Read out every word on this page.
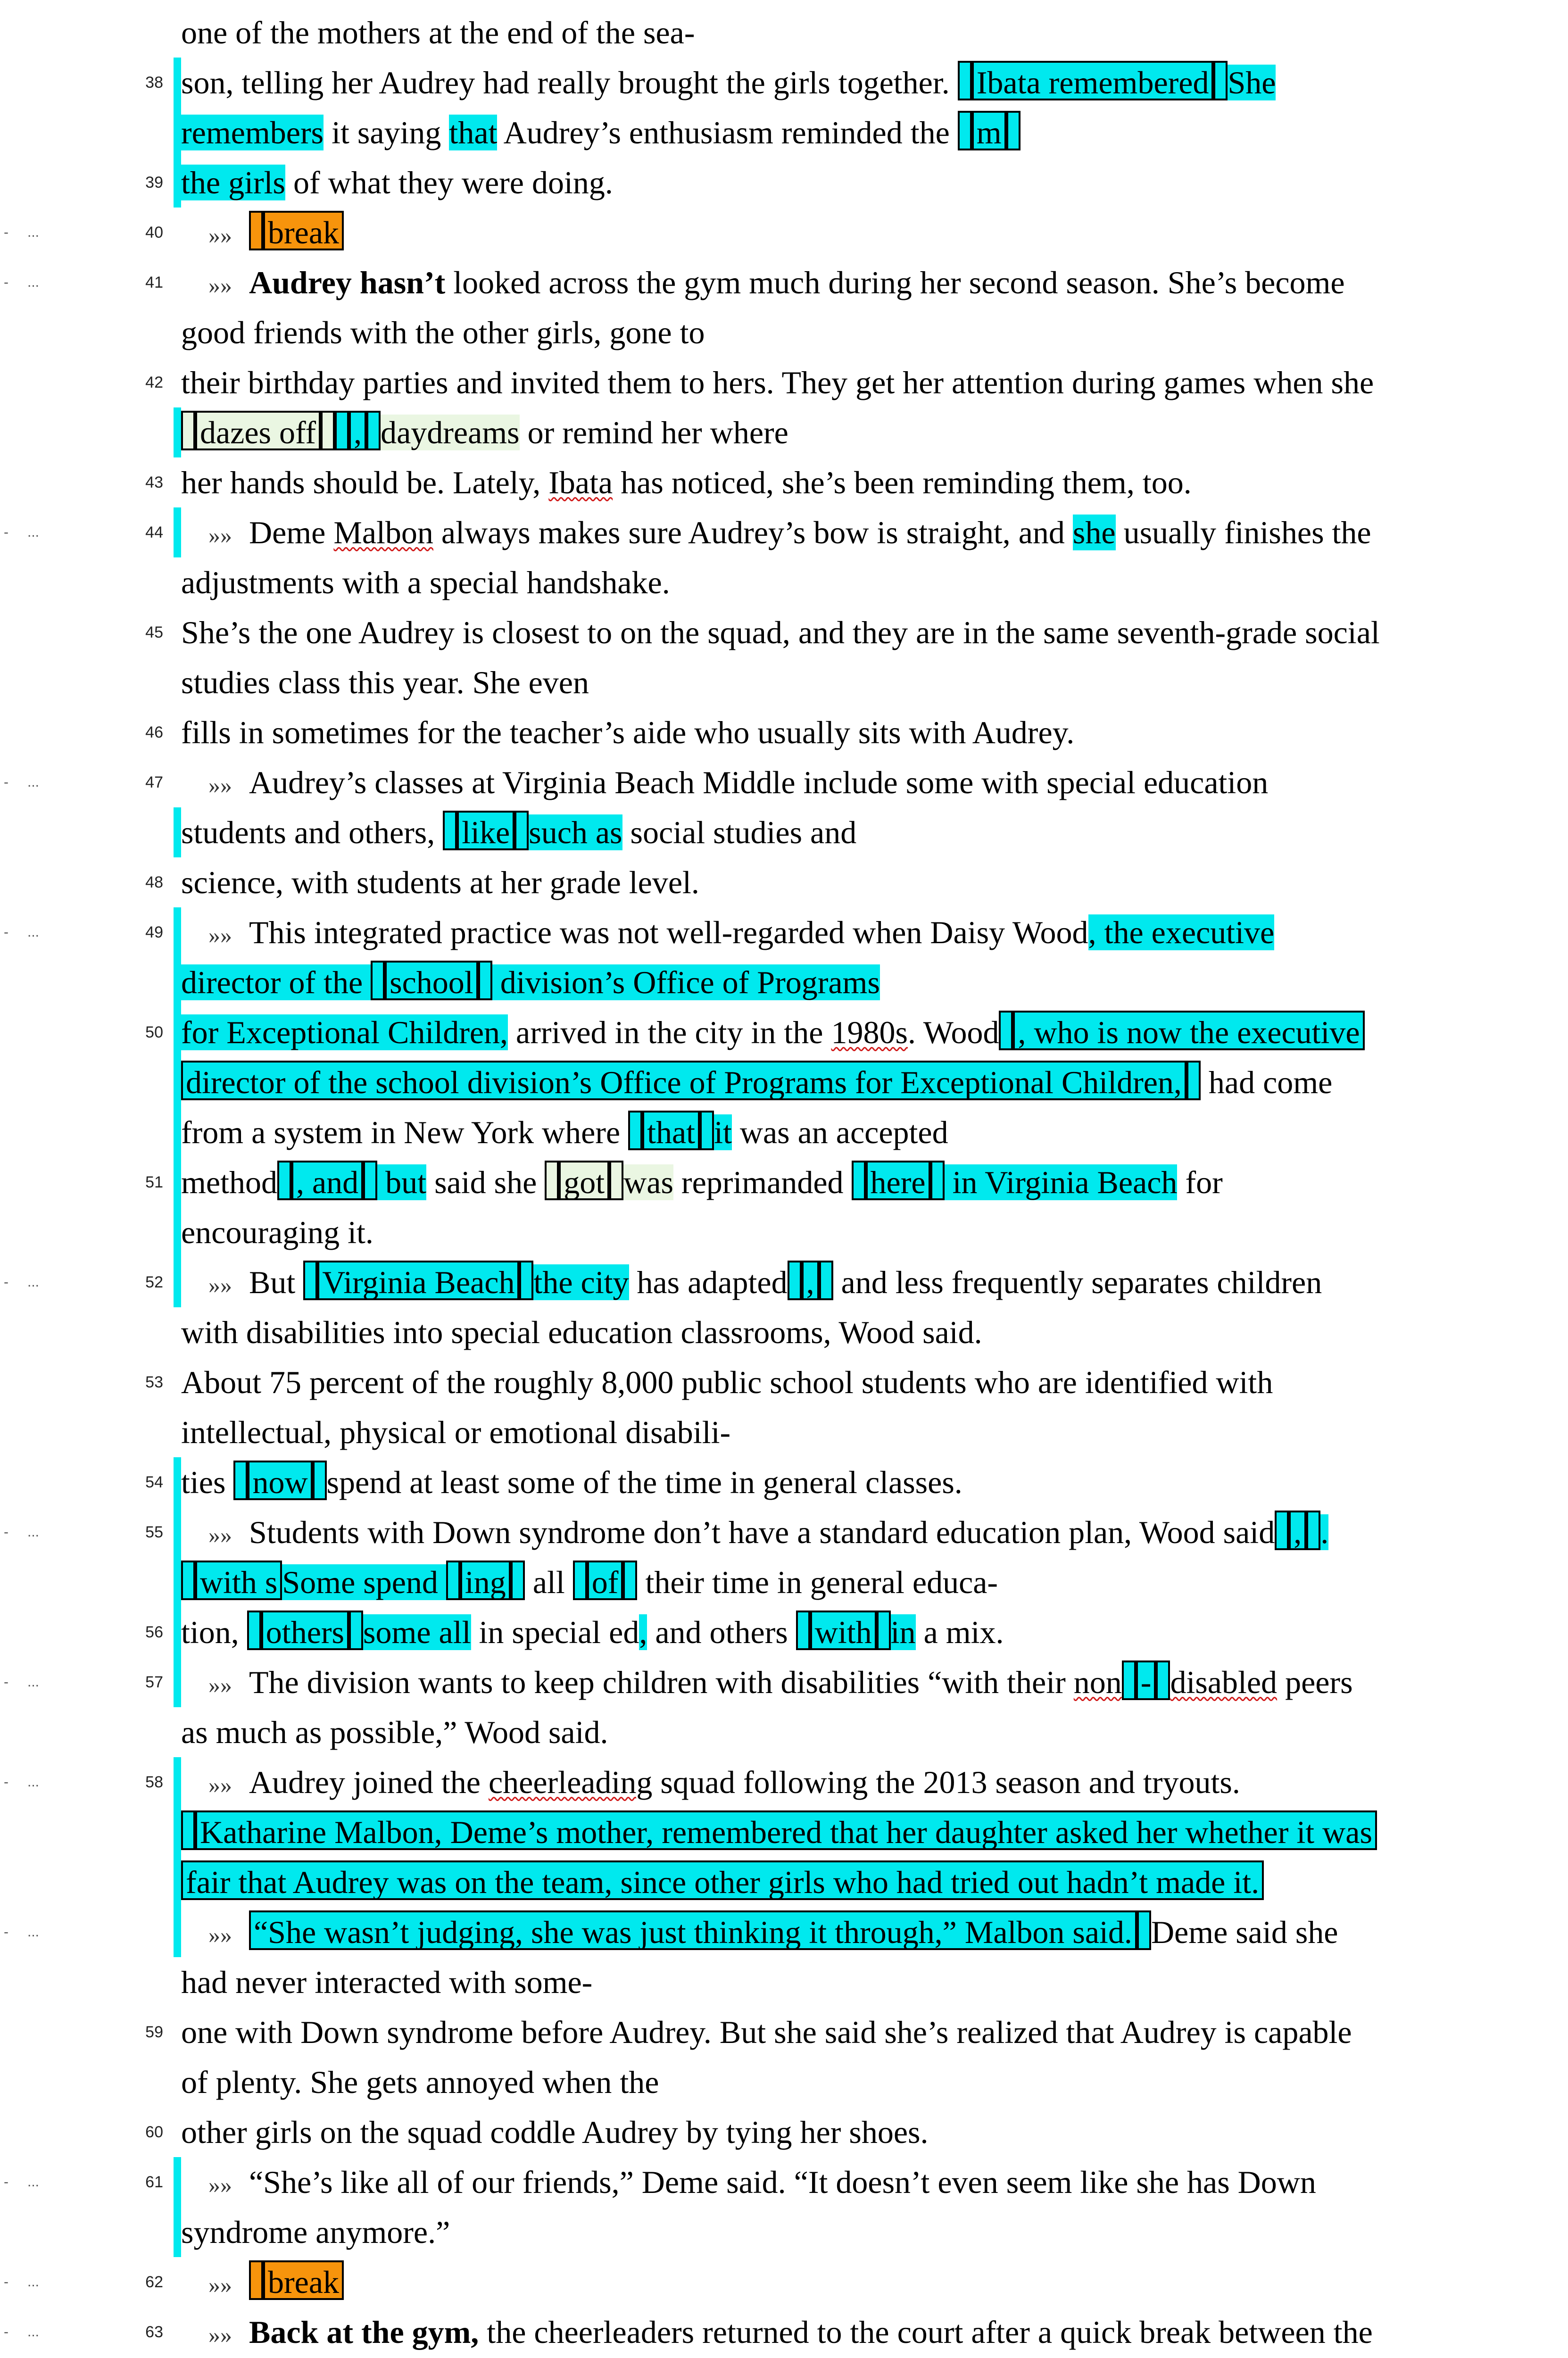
- ...
- ...
- ...
- ...
- ...
- ...
- ...
- ...
- ...
- ...
- ...
- ...
- ...
38
39
40
41
42
43
44
45
46
47
48
49
50
51
52
53
54
55
56
57
58
59
60
61
62
63
one of the mothers at the end of the sea-
son, telling her Audrey had really brought the girls together. Ibata remembered She
remembers it saying that Audrey’s enthusiasm reminded the m
the girls of what they were doing.
»» break
»» Audrey hasn’t looked across the gym much during her second season. She’s become
good friends with the other girls, gone to
their birthday parties and invited them to hers. They get her attention during games when she
dazes off , daydreams or remind her where
her hands should be. Lately, Ibata has noticed, she’s been reminding them, too.
»» Deme Malbon always makes sure Audrey’s bow is straight, and she usually finishes the
adjustments with a special handshake.
She’s the one Audrey is closest to on the squad, and they are in the same seventh-grade social
studies class this year. She even
fills in sometimes for the teacher’s aide who usually sits with Audrey.
»» Audrey’s classes at Virginia Beach Middle include some with special education
students and others, like such as social studies and
science, with students at her grade level.
»» This integrated practice was not well-regarded when Daisy Wood, the executive
director of the school division’s Office of Programs
for Exceptional Children, arrived in the city in the 1980s. Wood , who is now the executive
director of the school division’s Office of Programs for Exceptional Children, had come
from a system in New York where that it was an accepted
method , and but said she got was reprimanded here in Virginia Beach for
encouraging it.
»» But Virginia Beach the city has adapted , and less frequently separates children
with disabilities into special education classrooms, Wood said.
About 75 percent of the roughly 8,000 public school students who are identified with
intellectual, physical or emotional disabili-
ties now spend at least some of the time in general classes.
»» Students with Down syndrome don’t have a standard education plan, Wood said , .
with s Some spend ing all of their time in general educa-
tion, others some all in special ed, and others with in a mix.
»» The division wants to keep children with disabilities “with their non - disabled peers
as much as possible,” Wood said.
»» Audrey joined the cheerleading squad following the 2013 season and tryouts.
Katharine Malbon, Deme’s mother, remembered that her daughter asked her whether it was
fair that Audrey was on the team, since other girls who had tried out hadn’t made it.
»» “She wasn’t judging, she was just thinking it through,” Malbon said.Deme said she
had never interacted with some-
one with Down syndrome before Audrey. But she said she’s realized that Audrey is capable
of plenty. She gets annoyed when the
other girls on the squad coddle Audrey by tying her shoes.
»» “She’s like all of our friends,” Deme said. “It doesn’t even seem like she has Down
syndrome anymore.”
»» break
»» Back at the gym, the cheerleaders returned to the court after a quick break between the
